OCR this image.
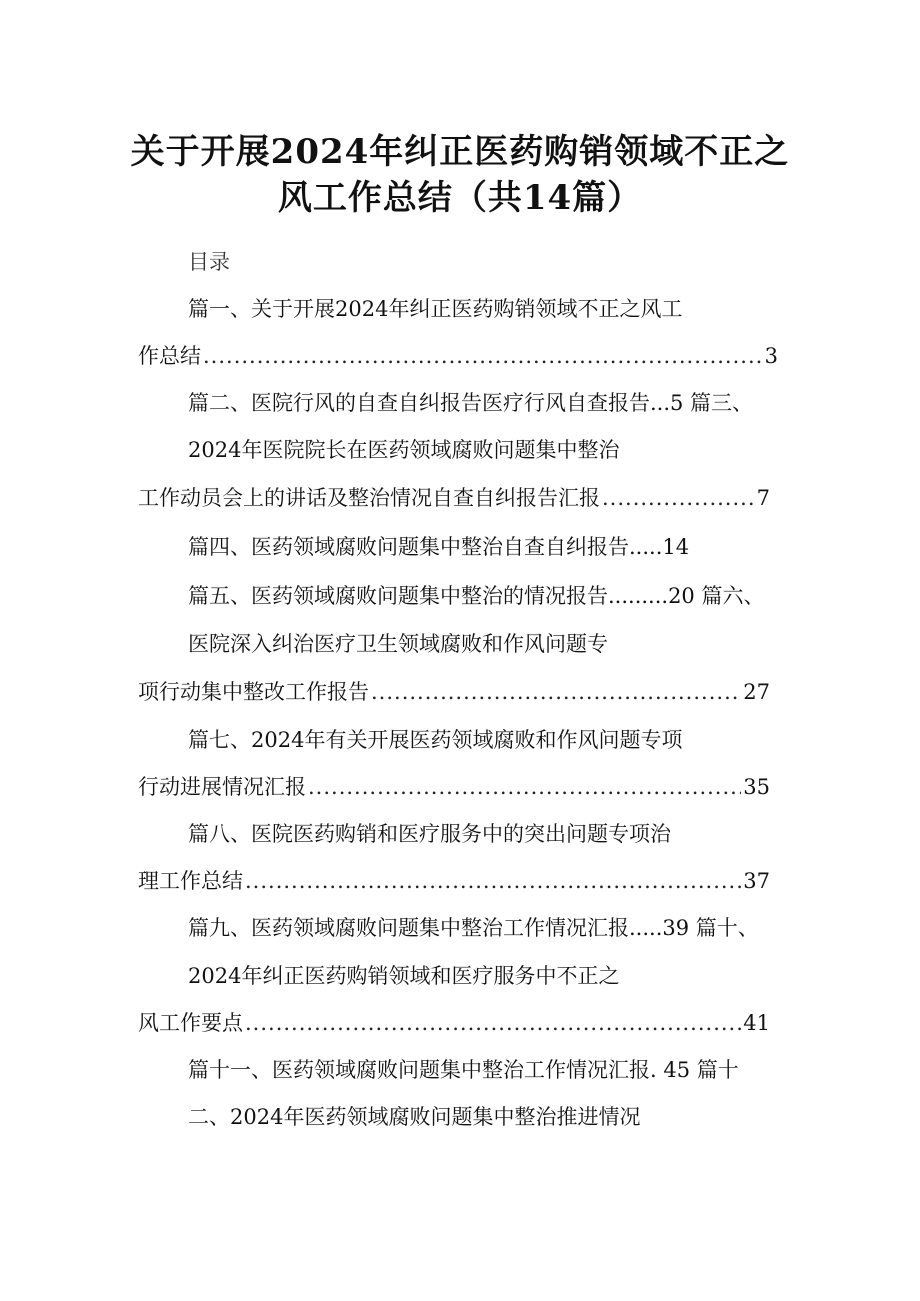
关于开展2024年纠正医药购销领域不正之
风工作总结（共14篇）
目录
篇一、关于开展2024年纠正医药购销领域不正之风工
作总结 .....	3
篇二、医院行风的自查自纠报告医疗行风自查报告...5 篇三、
2024年医院院长在医药领域腐败问题集中整治
工作动员会上的讲话及整治情况自查自纠报告汇报 .....	7
篇四、医药领域腐败问题集中整治自查自纠报告.....14
篇五、医药领域腐败问题集中整治的情况报告.........20 篇六、
医院深入纠治医疗卫生领域腐败和作风问题专
项行动集中整改工作报告 .....	27
篇七、2024年有关开展医药领域腐败和作风问题专项
行动进展情况汇报 .....	35
篇八、医院医药购销和医疗服务中的突出问题专项治
理工作总结 .....	37
篇九、医药领域腐败问题集中整治工作情况汇报.....39 篇十、
2024年纠正医药购销领域和医疗服务中不正之
风工作要点 .....	41
篇十一、医药领域腐败问题集中整治工作情况汇报. 45 篇十
二、2024年医药领域腐败问题集中整治推进情况
